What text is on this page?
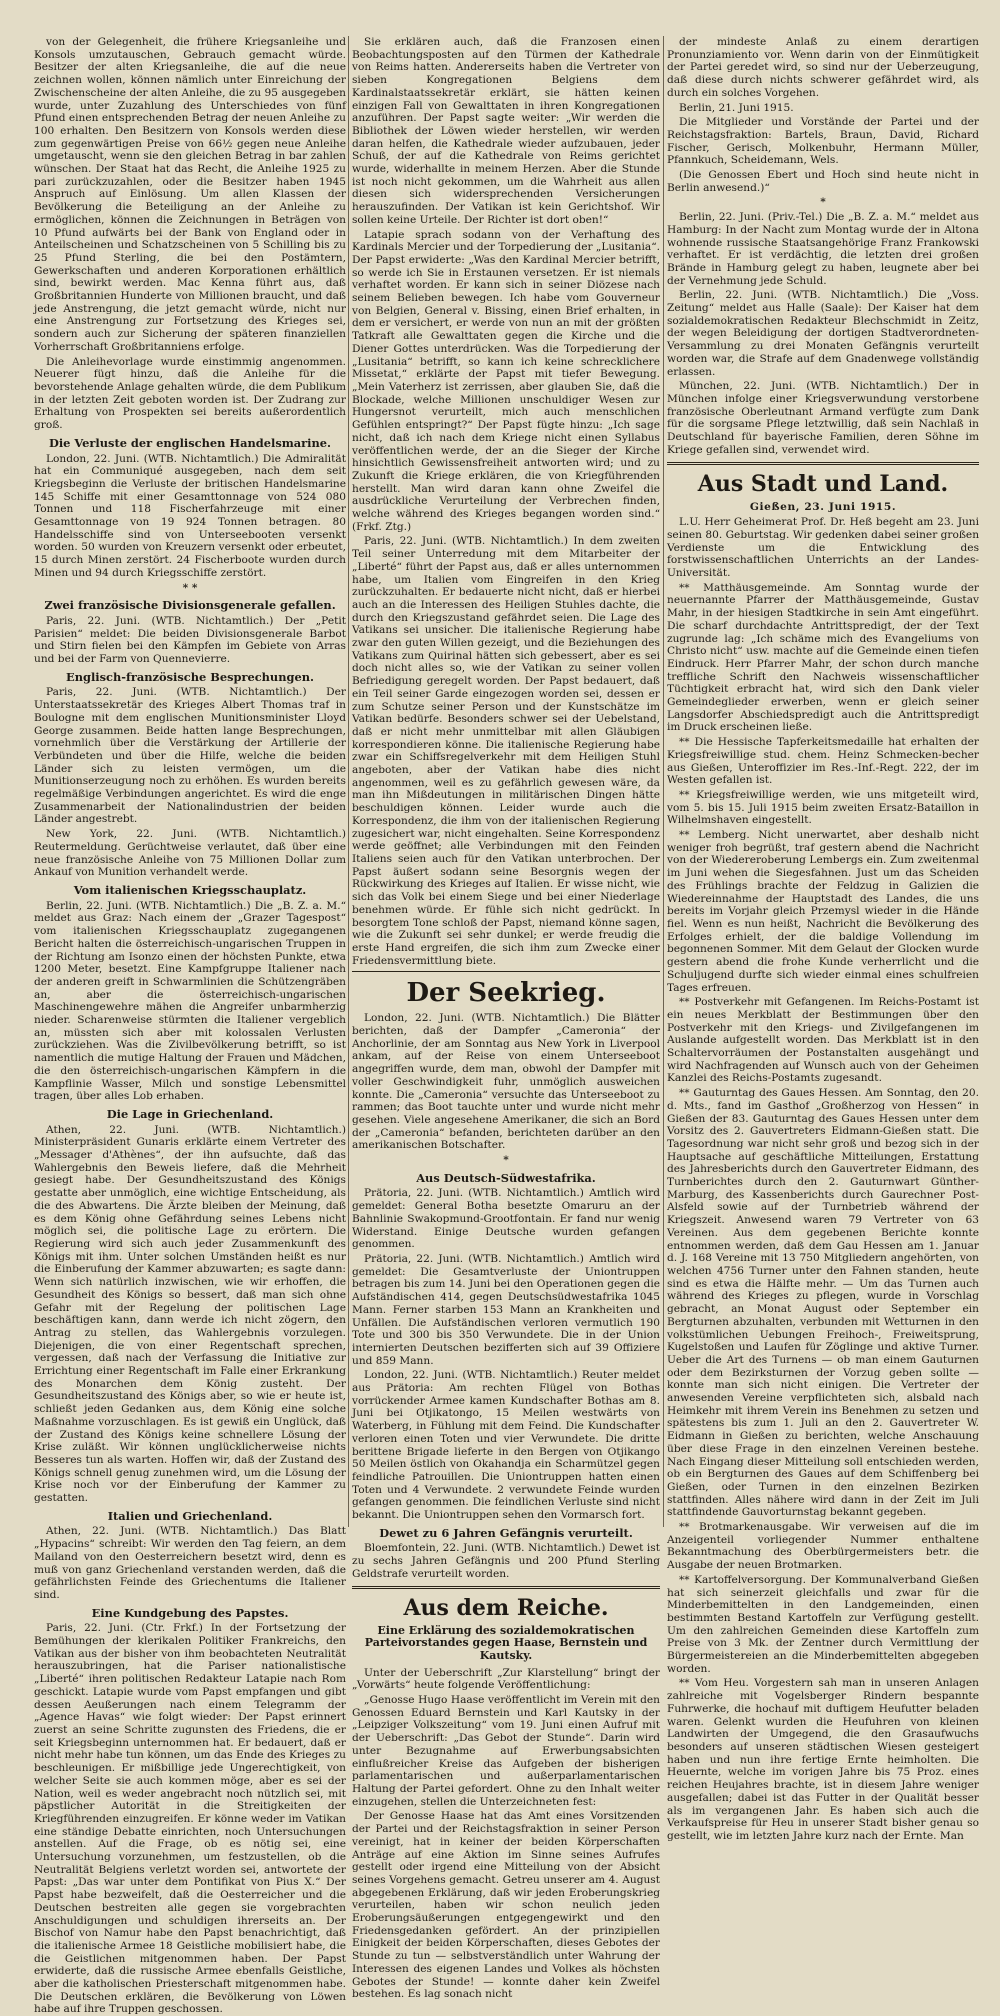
von der Gelegenheit, die frühere Kriegsanleihe und Konsols umzutauschen, Gebrauch gemacht würde. Besitzer der alten Kriegsanleihe, die auf die neue zeichnen wollen, können nämlich unter Einreichung der Zwischenscheine der alten Anleihe, die zu 95 ausgegeben wurde, unter Zuzahlung des Unterschiedes von fünf Pfund einen entsprechenden Betrag der neuen Anleihe zu 100 erhalten. Den Besitzern von Konsols werden diese zum gegenwärtigen Preise von 66½ gegen neue Anleihe umgetauscht, wenn sie den gleichen Betrag in bar zahlen wünschen. Der Staat hat das Recht, die Anleihe 1925 zu pari zurückzuzahlen, oder die Besitzer haben 1945 Anspruch auf Einlösung. Um allen Klassen der Bevölkerung die Beteiligung an der Anleihe zu ermöglichen, können die Zeichnungen in Beträgen von 10 Pfund aufwärts bei der Bank von England oder in Anteilscheinen und Schatzscheinen von 5 Schilling bis zu 25 Pfund Sterling, die bei den Postämtern, Gewerkschaften und anderen Korporationen erhältlich sind, bewirkt werden. Mac Kenna führt aus, daß Großbritannien Hunderte von Millionen braucht, und daß jede Anstrengung, die jetzt gemacht würde, nicht nur eine Anstrengung zur Fortsetzung des Krieges sei, sondern auch zur Sicherung der späteren finanziellen Vorherrschaft Großbritanniens erfolge.

Die Anleihevorlage wurde einstimmig angenommen. Neuerer fügt hinzu, daß die Anleihe für die bevorstehende Anlage gehalten würde, die dem Publikum in der letzten Zeit geboten worden ist. Der Zudrang zur Erhaltung von Prospekten sei bereits außerordentlich groß.

Die Verluste der englischen Handelsmarine.

London, 22. Juni. (WTB. Nichtamtlich.) Die Admiralität hat ein Communiqué ausgegeben, nach dem seit Kriegsbeginn die Verluste der britischen Handelsmarine 145 Schiffe mit einer Gesamttonnage von 524 080 Tonnen und 118 Fischerfahrzeuge mit einer Gesamttonnage von 19 924 Tonnen betragen. 80 Handelsschiffe sind von Unterseebooten versenkt worden. 50 wurden von Kreuzern versenkt oder erbeutet, 15 durch Minen zerstört. 24 Fischerboote wurden durch Minen und 94 durch Kriegsschiffe zerstört.

* *
Zwei französische Divisionsgenerale gefallen.

Paris, 22. Juni. (WTB. Nichtamtlich.) Der „Petit Parisien“ meldet: Die beiden Divisionsgenerale Barbot und Stirn fielen bei den Kämpfen im Gebiete von Arras und bei der Farm von Quennevierre.

Englisch-französische Besprechungen.

Paris, 22. Juni. (WTB. Nichtamtlich.) Der Unterstaatssekretär des Krieges Albert Thomas traf in Boulogne mit dem englischen Munitionsminister Lloyd George zusammen. Beide hatten lange Besprechungen, vornehmlich über die Verstärkung der Artillerie der Verbündeten und über die Hilfe, welche die beiden Länder sich zu leisten vermögen, um die Munitionserzeugung noch zu erhöhen. Es wurden bereits regelmäßige Verbindungen angerichtet. Es wird die enge Zusammenarbeit der Nationalindustrien der beiden Länder angestrebt.

New York, 22. Juni. (WTB. Nichtamtlich.) Reutermeldung. Gerüchtweise verlautet, daß über eine neue französische Anleihe von 75 Millionen Dollar zum Ankauf von Munition verhandelt werde.

Vom italienischen Kriegsschauplatz.

Berlin, 22. Juni. (WTB. Nichtamtlich.) Die „B. Z. a. M.“ meldet aus Graz: Nach einem der „Grazer Tagespost“ vom italienischen Kriegsschauplatz zugegangenen Bericht halten die österreichisch-ungarischen Truppen in der Richtung am Isonzo einen der höchsten Punkte, etwa 1200 Meter, besetzt. Eine Kampfgruppe Italiener nach der anderen greift in Schwarmlinien die Schützengräben an, aber die österreichisch-ungarischen Maschinengewehre mähen die Angreifer unbarmherzig nieder. Scharenweise stürmten die Italiener vergeblich an, müssten sich aber mit kolossalen Verlusten zurückziehen. Was die Zivilbevölkerung betrifft, so ist namentlich die mutige Haltung der Frauen und Mädchen, die den österreichisch-ungarischen Kämpfern in die Kampflinie Wasser, Milch und sonstige Lebensmittel tragen, über alles Lob erhaben.

Die Lage in Griechenland.

Athen, 22. Juni. (WTB. Nichtamtlich.) Ministerpräsident Gunaris erklärte einem Vertreter des „Messager d'Athènes“, der ihn aufsuchte, daß das Wahlergebnis den Beweis liefere, daß die Mehrheit gesiegt habe. Der Gesundheitszustand des Königs gestatte aber unmöglich, eine wichtige Entscheidung, als die des Abwartens. Die Ärzte bleiben der Meinung, daß es dem König ohne Gefährdung seines Lebens nicht möglich sei, die politische Lage zu erörtern. Die Regierung wird sich auch jeder Zusammenkunft des Königs mit ihm. Unter solchen Umständen heißt es nur die Einberufung der Kammer abzuwarten; es sagte dann: Wenn sich natürlich inzwischen, wie wir erhoffen, die Gesundheit des Königs so bessert, daß man sich ohne Gefahr mit der Regelung der politischen Lage beschäftigen kann, dann werde ich nicht zögern, den Antrag zu stellen, das Wahlergebnis vorzulegen. Diejenigen, die von einer Regentschaft sprechen, vergessen, daß nach der Verfassung die Initiative zur Errichtung einer Regentschaft im Falle einer Erkrankung des Monarchen dem König zusteht. Der Gesundheitszustand des Königs aber, so wie er heute ist, schließt jeden Gedanken aus, dem König eine solche Maßnahme vorzuschlagen. Es ist gewiß ein Unglück, daß der Zustand des Königs keine schnellere Lösung der Krise zuläßt. Wir können unglücklicherweise nichts Besseres tun als warten. Hoffen wir, daß der Zustand des Königs schnell genug zunehmen wird, um die Lösung der Krise noch vor der Einberufung der Kammer zu gestatten.

Italien und Griechenland.

Athen, 22. Juni. (WTB. Nichtamtlich.) Das Blatt „Hypacins“ schreibt: Wir werden den Tag feiern, an dem Mailand von den Oesterreichern besetzt wird, denn es muß von ganz Griechenland verstanden werden, daß die gefährlichsten Feinde des Griechentums die Italiener sind.

Eine Kundgebung des Papstes.

Paris, 22. Juni. (Ctr. Frkf.) In der Fortsetzung der Bemühungen der klerikalen Politiker Frankreichs, den Vatikan aus der bisher von ihm beobachteten Neutralität herauszubringen, hat die Pariser nationalistische „Liberté“ ihren politischen Redakteur Latapie nach Rom geschickt. Latapie wurde vom Papst empfangen und gibt dessen Aeußerungen nach einem Telegramm der „Agence Havas“ wie folgt wieder: Der Papst erinnert zuerst an seine Schritte zugunsten des Friedens, die er seit Kriegsbeginn unternommen hat. Er bedauert, daß er nicht mehr habe tun können, um das Ende des Krieges zu beschleunigen. Er mißbillige jede Ungerechtigkeit, von welcher Seite sie auch kommen möge, aber es sei der Nation, weil es weder angebracht noch nützlich sei, mit päpstlicher Autorität in die Streitigkeiten der Kriegführenden einzugreifen. Er könne weder im Vatikan eine ständige Debatte einrichten, noch Untersuchungen anstellen. Auf die Frage, ob es nötig sei, eine Untersuchung vorzunehmen, um festzustellen, ob die Neutralität Belgiens verletzt worden sei, antwortete der Papst: „Das war unter dem Pontifikat von Pius X.“ Der Papst habe bezweifelt, daß die Oesterreicher und die Deutschen bestreiten alle gegen sie vorgebrachten Anschuldigungen und schuldigen ihrerseits an. Der Bischof von Namur habe den Papst benachrichtigt, daß die italienische Armee 18 Geistliche mobilisiert habe, die die Geistlichen mitgenommen haben. Der Papst erwiderte, daß die russische Armee ebenfalls Geistliche, aber die katholischen Priesterschaft mitgenommen habe. Die Deutschen erklären, die Bevölkerung von Löwen habe auf ihre Truppen geschossen.

Sie erklären auch, daß die Franzosen einen Beobachtungsposten auf den Türmen der Kathedrale von Reims hatten. Andererseits haben die Vertreter von sieben Kongregationen Belgiens dem Kardinalstaatssekretär erklärt, sie hätten keinen einzigen Fall von Gewalttaten in ihren Kongregationen anzuführen. Der Papst sagte weiter: „Wir werden die Bibliothek der Löwen wieder herstellen, wir werden daran helfen, die Kathedrale wieder aufzubauen, jeder Schuß, der auf die Kathedrale von Reims gerichtet wurde, widerhallte in meinem Herzen. Aber die Stunde ist noch nicht gekommen, um die Wahrheit aus allen diesen sich widersprechenden Versicherungen herauszufinden. Der Vatikan ist kein Gerichtshof. Wir sollen keine Urteile. Der Richter ist dort oben!“

Latapie sprach sodann von der Verhaftung des Kardinals Mercier und der Torpedierung der „Lusitania“. Der Papst erwiderte: „Was den Kardinal Mercier betrifft, so werde ich Sie in Erstaunen versetzen. Er ist niemals verhaftet worden. Er kann sich in seiner Diözese nach seinem Belieben bewegen. Ich habe vom Gouverneur von Belgien, General v. Bissing, einen Brief erhalten, in dem er versichert, er werde von nun an mit der größten Tatkraft alle Gewalttaten gegen die Kirche und die Diener Gottes unterdrücken. Was die Torpedierung der „Lusitania“ betrifft, so kann ich keine schrecklichere Missetat,“ erklärte der Papst mit tiefer Bewegung. „Mein Vaterherz ist zerrissen, aber glauben Sie, daß die Blockade, welche Millionen unschuldiger Wesen zur Hungersnot verurteilt, mich auch menschlichen Gefühlen entspringt?“ Der Papst fügte hinzu: „Ich sage nicht, daß ich nach dem Kriege nicht einen Syllabus veröffentlichen werde, der an die Sieger der Kirche hinsichtlich Gewissensfreiheit antworten wird; und zu Zukunft die Kriege erklären, die von Kriegführenden herstellt. Man wird daran kann ohne Zweifel die ausdrückliche Verurteilung der Verbrechen finden, welche während des Krieges begangen worden sind.“ (Frkf. Ztg.)

Paris, 22. Juni. (WTB. Nichtamtlich.) In dem zweiten Teil seiner Unterredung mit dem Mitarbeiter der „Liberté“ führt der Papst aus, daß er alles unternommen habe, um Italien vom Eingreifen in den Krieg zurückzuhalten. Er bedauerte nicht nicht, daß er hierbei auch an die Interessen des Heiligen Stuhles dachte, die durch den Kriegszustand gefährdet seien. Die Lage des Vatikans sei unsicher. Die italienische Regierung habe zwar den guten Willen gezeigt, und die Beziehungen des Vatikans zum Quirinal hätten sich gebessert, aber es sei doch nicht alles so, wie der Vatikan zu seiner vollen Befriedigung geregelt worden. Der Papst bedauert, daß ein Teil seiner Garde eingezogen worden sei, dessen er zum Schutze seiner Person und der Kunstschätze im Vatikan bedürfe. Besonders schwer sei der Uebelstand, daß er nicht mehr unmittelbar mit allen Gläubigen korrespondieren könne. Die italienische Regierung habe zwar ein Schiffsregelverkehr mit dem Heiligen Stuhl angeboten, aber der Vatikan habe dies nicht angenommen, weil es zu gefährlich gewesen wäre, da man ihn Mißdeutungen in militärischen Dingen hätte beschuldigen können. Leider wurde auch die Korrespondenz, die ihm von der italienischen Regierung zugesichert war, nicht eingehalten. Seine Korrespondenz werde geöffnet; alle Verbindungen mit den Feinden Italiens seien auch für den Vatikan unterbrochen. Der Papst äußert sodann seine Besorgnis wegen der Rückwirkung des Krieges auf Italien. Er wisse nicht, wie sich das Volk bei einem Siege und bei einer Niederlage benehmen würde. Er fühle sich nicht gedrückt. In besorgtem Tone schloß der Papst, niemand könne sagen, wie die Zukunft sei sehr dunkel; er werde freudig die erste Hand ergreifen, die sich ihm zum Zwecke einer Friedensvermittlung biete.

Der Seekrieg.

London, 22. Juni. (WTB. Nichtamtlich.) Die Blätter berichten, daß der Dampfer „Cameronia“ der Anchorlinie, der am Sonntag aus New York in Liverpool ankam, auf der Reise von einem Unterseeboot angegriffen wurde, dem man, obwohl der Dampfer mit voller Geschwindigkeit fuhr, unmöglich ausweichen konnte. Die „Cameronia“ versuchte das Unterseeboot zu rammen; das Boot tauchte unter und wurde nicht mehr gesehen. Viele angesehene Amerikaner, die sich an Bord der „Cameronia“ befanden, berichteten darüber an den amerikanischen Botschafter.

*
Aus Deutsch-Südwestafrika.

Prätoria, 22. Juni. (WTB. Nichtamtlich.) Amtlich wird gemeldet: General Botha besetzte Omaruru an der Bahnlinie Swakopmund-Grootfontain. Er fand nur wenig Widerstand. Einige Deutsche wurden gefangen genommen.

Prätoria, 22. Juni. (WTB. Nichtamtlich.) Amtlich wird gemeldet: Die Gesamtverluste der Uniontruppen betragen bis zum 14. Juni bei den Operationen gegen die Aufständischen 414, gegen Deutschsüdwestafrika 1045 Mann. Ferner starben 153 Mann an Krankheiten und Unfällen. Die Aufständischen verloren vermutlich 190 Tote und 300 bis 350 Verwundete. Die in der Union internierten Deutschen bezifferten sich auf 39 Offiziere und 859 Mann.

London, 22. Juni. (WTB. Nichtamtlich.) Reuter meldet aus Prätoria: Am rechten Flügel von Bothas vorrückender Armee kamen Kundschafter Bothas am 8. Juni bei Otjikatongo, 15 Meilen westwärts von Waterberg, in Fühlung mit dem Feind. Die Kundschafter verloren einen Toten und vier Verwundete. Die dritte berittene Brigade lieferte in den Bergen von Otjikango 50 Meilen östlich von Okahandja ein Scharmützel gegen feindliche Patrouillen. Die Uniontruppen hatten einen Toten und 4 Verwundete. 2 verwundete Feinde wurden gefangen genommen. Die feindlichen Verluste sind nicht bekannt. Die Uniontruppen sehen den Vormarsch fort.

Dewet zu 6 Jahren Gefängnis verurteilt.

Bloemfontein, 22. Juni. (WTB. Nichtamtlich.) Dewet ist zu sechs Jahren Gefängnis und 200 Pfund Sterling Geldstrafe verurteilt worden.

Aus dem Reiche.
Eine Erklärung des sozialdemokratischen Parteivorstandes gegen Haase, Bernstein und Kautsky.

Unter der Ueberschrift „Zur Klarstellung“ bringt der „Vorwärts“ heute folgende Veröffentlichung:

„Genosse Hugo Haase veröffentlicht im Verein mit den Genossen Eduard Bernstein und Karl Kautsky in der „Leipziger Volkszeitung“ vom 19. Juni einen Aufruf mit der Ueberschrift: „Das Gebot der Stunde“. Darin wird unter Bezugnahme auf Erwerbungsabsichten einflußreicher Kreise das Aufgeben der bisherigen parlamentarischen und außerparlamentarischen Haltung der Partei gefordert. Ohne zu den Inhalt weiter einzugehen, stellen die Unterzeichneten fest:

Der Genosse Haase hat das Amt eines Vorsitzenden der Partei und der Reichstagsfraktion in seiner Person vereinigt, hat in keiner der beiden Körperschaften Anträge auf eine Aktion im Sinne seines Aufrufes gestellt oder irgend eine Mitteilung von der Absicht seines Vorgehens gemacht. Getreu unserer am 4. August abgegebenen Erklärung, daß wir jeden Eroberungskrieg verurteilen, haben wir schon neulich jeden Eroberungsäußerungen entgegengewirkt und den Friedensgedanken gefördert. An der prinzipiellen Einigkeit der beiden Körperschaften, dieses Gebotes der Stunde zu tun — selbstverständlich unter Wahrung der Interessen des eigenen Landes und Volkes als höchsten Gebotes der Stunde! — konnte daher kein Zweifel bestehen. Es lag sonach nicht

der mindeste Anlaß zu einem derartigen Pronunziamiento vor. Wenn darin von der Einmütigkeit der Partei geredet wird, so sind nur der Ueberzeugung, daß diese durch nichts schwerer gefährdet wird, als durch ein solches Vorgehen.

Berlin, 21. Juni 1915.

Die Mitglieder und Vorstände der Partei und der Reichstagsfraktion: Bartels, Braun, David, Richard Fischer, Gerisch, Molkenbuhr, Hermann Müller, Pfannkuch, Scheidemann, Wels.

(Die Genossen Ebert und Hoch sind heute nicht in Berlin anwesend.)“

*

Berlin, 22. Juni. (Priv.-Tel.) Die „B. Z. a. M.“ meldet aus Hamburg: In der Nacht zum Montag wurde der in Altona wohnende russische Staatsangehörige Franz Frankowski verhaftet. Er ist verdächtig, die letzten drei großen Brände in Hamburg gelegt zu haben, leugnete aber bei der Vernehmung jede Schuld.

Berlin, 22. Juni. (WTB. Nichtamtlich.) Die „Voss. Zeitung“ meldet aus Halle (Saale): Der Kaiser hat dem sozialdemokratischen Redakteur Blechschmidt in Zeitz, der wegen Beleidigung der dortigen Stadtverordneten-Versammlung zu drei Monaten Gefängnis verurteilt worden war, die Strafe auf dem Gnadenwege vollständig erlassen.

München, 22. Juni. (WTB. Nichtamtlich.) Der in München infolge einer Kriegsverwundung verstorbene französische Oberleutnant Armand verfügte zum Dank für die sorgsame Pflege letztwillig, daß sein Nachlaß in Deutschland für bayerische Familien, deren Söhne im Kriege gefallen sind, verwendet wird.

Aus Stadt und Land.
Gießen, 23. Juni 1915.

L.U. Herr Geheimerat Prof. Dr. Heß begeht am 23. Juni seinen 80. Geburtstag. Wir gedenken dabei seiner großen Verdienste um die Entwicklung des forstwissenschaftlichen Unterrichts an der Landes-Universität.

** Matthäusgemeinde. Am Sonntag wurde der neuernannte Pfarrer der Matthäusgemeinde, Gustav Mahr, in der hiesigen Stadtkirche in sein Amt eingeführt. Die scharf durchdachte Antrittspredigt, der der Text zugrunde lag: „Ich schäme mich des Evangeliums von Christo nicht“ usw. machte auf die Gemeinde einen tiefen Eindruck. Herr Pfarrer Mahr, der schon durch manche treffliche Schrift den Nachweis wissenschaftlicher Tüchtigkeit erbracht hat, wird sich den Dank vieler Gemeindeglieder erwerben, wenn er gleich seiner Langsdorfer Abschiedspredigt auch die Antrittspredigt im Druck erscheinen ließe.

** Die Hessische Tapferkeitsmedaille hat erhalten der Kriegsfreiwillige stud. chem. Heinz Schmecken-becher aus Gießen, Unteroffizier im Res.-Inf.-Regt. 222, der im Westen gefallen ist.

** Kriegsfreiwillige werden, wie uns mitgeteilt wird, vom 5. bis 15. Juli 1915 beim zweiten Ersatz-Bataillon in Wilhelmshaven eingestellt.

** Lemberg. Nicht unerwartet, aber deshalb nicht weniger froh begrüßt, traf gestern abend die Nachricht von der Wiedereroberung Lembergs ein. Zum zweitenmal im Juni wehen die Siegesfahnen. Just um das Scheiden des Frühlings brachte der Feldzug in Galizien die Wiedereinnahme der Hauptstadt des Landes, die uns bereits im Vorjahr gleich Przemysl wieder in die Hände fiel. Wenn es nun heißt, Nachricht die Bevölkerung des Erfolges erhielt, der die baldige Vollendung im begonnenen Sommer. Mit dem Gelaut der Glocken wurde gestern abend die frohe Kunde verherrlicht und die Schuljugend durfte sich wieder einmal eines schulfreien Tages erfreuen.

** Postverkehr mit Gefangenen. Im Reichs-Postamt ist ein neues Merkblatt der Bestimmungen über den Postverkehr mit den Kriegs- und Zivilgefangenen im Auslande aufgestellt worden. Das Merkblatt ist in den Schaltervorräumen der Postanstalten ausgehängt und wird Nachfragenden auf Wunsch auch von der Geheimen Kanzlei des Reichs-Postamts zugesandt.

** Gauturntag des Gaues Hessen. Am Sonntag, den 20. d. Mts., fand im Gasthof „Großherzog von Hessen“ in Gießen der 83. Gauturntag des Gaues Hessen unter dem Vorsitz des 2. Gauvertreters Eidmann-Gießen statt. Die Tagesordnung war nicht sehr groß und bezog sich in der Hauptsache auf geschäftliche Mitteilungen, Erstattung des Jahresberichts durch den Gauvertreter Eidmann, des Turnberichtes durch den 2. Gauturnwart Günther-Marburg, des Kassenberichts durch Gaurechner Post-Alsfeld sowie auf der Turnbetrieb während der Kriegszeit. Anwesend waren 79 Vertreter von 63 Vereinen. Aus dem gegebenen Berichte konnte entnommen werden, daß dem Gau Hessen am 1. Januar d. J. 168 Vereine mit 13 750 Mitgliedern angehörten, von welchen 4756 Turner unter den Fahnen standen, heute sind es etwa die Hälfte mehr. — Um das Turnen auch während des Krieges zu pflegen, wurde in Vorschlag gebracht, an Monat August oder September ein Bergturnen abzuhalten, verbunden mit Wetturnen in den volkstümlichen Uebungen Freihoch-, Freiweitsprung, Kugelstoßen und Laufen für Zöglinge und aktive Turner. Ueber die Art des Turnens — ob man einem Gauturnen oder dem Bezirksturnen der Vorzug geben sollte — konnte man sich nicht einigen. Die Vertreter der anwesenden Vereine verpflichteten sich, alsbald nach Heimkehr mit ihrem Verein ins Benehmen zu setzen und spätestens bis zum 1. Juli an den 2. Gauvertreter W. Eidmann in Gießen zu berichten, welche Anschauung über diese Frage in den einzelnen Vereinen bestehe. Nach Eingang dieser Mitteilung soll entschieden werden, ob ein Bergturnen des Gaues auf dem Schiffenberg bei Gießen, oder Turnen in den einzelnen Bezirken stattfinden. Alles nähere wird dann in der Zeit im Juli stattfindende Gauvorturnstag bekannt gegeben.

** Brotmarkenausgabe. Wir verweisen auf die im Anzeigenteil vorliegender Nummer enthaltene Bekanntmachung des Oberbürgermeisters betr. die Ausgabe der neuen Brotmarken.

** Kartoffelversorgung. Der Kommunalverband Gießen hat sich seinerzeit gleichfalls und zwar für die Minderbemittelten in den Landgemeinden, einen bestimmten Bestand Kartoffeln zur Verfügung gestellt. Um den zahlreichen Gemeinden diese Kartoffeln zum Preise von 3 Mk. der Zentner durch Vermittlung der Bürgermeistereien an die Minderbemittelten abgegeben worden.

** Vom Heu. Vorgestern sah man in unseren Anlagen zahlreiche mit Vogelsberger Rindern bespannte Fuhrwerke, die hochauf mit duftigem Heufutter beladen waren. Gelenkt wurden die Heufuhren von kleinen Landwirten der Umgegend, die den Grasaufwuchs besonders auf unseren städtischen Wiesen gesteigert haben und nun ihre fertige Ernte heimholten. Die Heuernte, welche im vorigen Jahre bis 75 Proz. eines reichen Heujahres brachte, ist in diesem Jahre weniger ausgefallen; dabei ist das Futter in der Qualität besser als im vergangenen Jahr. Es haben sich auch die Verkaufspreise für Heu in unserer Stadt bisher genau so gestellt, wie im letzten Jahre kurz nach der Ernte. Man
